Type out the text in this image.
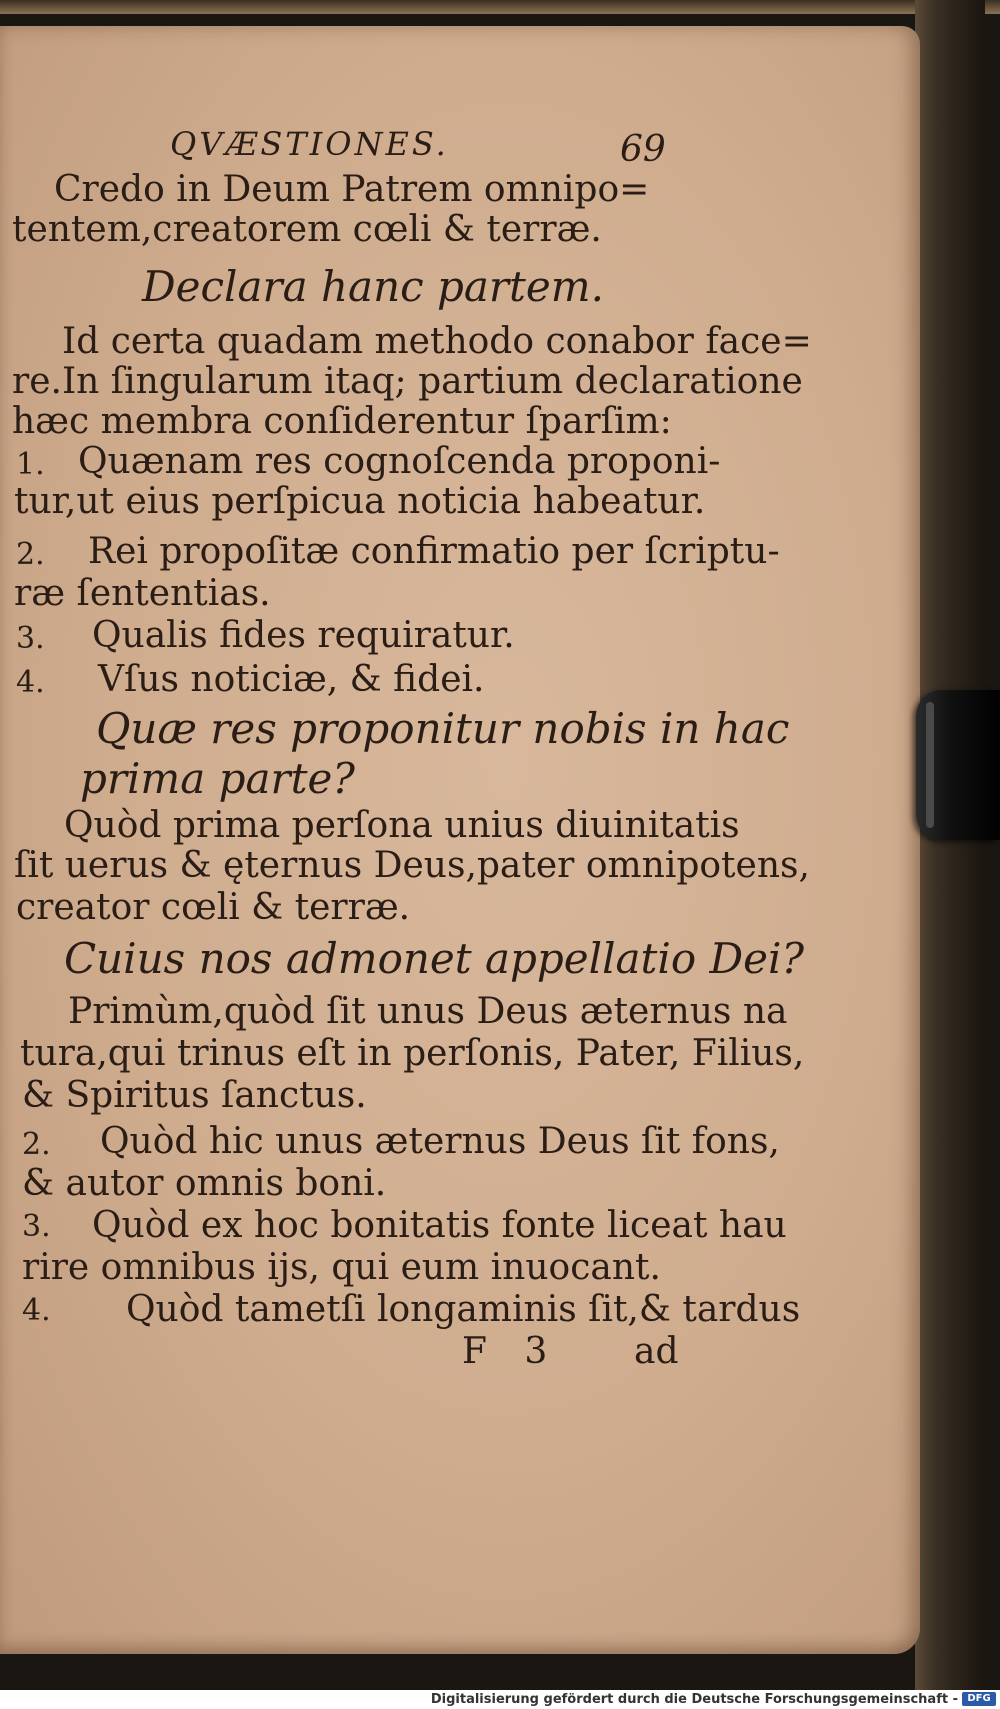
QVÆSTIONES.	69
Credo in Deum Patrem omnipo=
tentem,creatorem cœli & terræ.
Declara hanc partem.
Id certa quadam methodo conabor face=
re.In ſingularum itaq; partium declaratione
hæc membra conſiderentur ſparſim:
1. Quænam res cognoſcenda proponi-
tur,ut eius perſpicua noticia habeatur.
2. Rei propoſitæ confirmatio per ſcriptu-
ræ ſententias.
3. Qualis fides requiratur.
4. Vſus noticiæ, & fidei.
Quæ res proponitur nobis in hac
prima parte?
Quòd prima perſona unius diuinitatis
ſit uerus & ęternus Deus,pater omnipotens,
creator cœli & terræ.
Cuius nos admonet appellatio Dei?
Primùm,quòd ſit unus Deus æternus na
tura,qui trinus eſt in perſonis, Pater, Filius,
& Spiritus ſanctus.
2. Quòd hic unus æternus Deus ſit fons,
& autor omnis boni.
3. Quòd ex hoc bonitatis fonte liceat hau
rire omnibus ijs, qui eum inuocant.
4. Quòd tametſi longaminis ſit,& tardus
F 3 ad
Digitalisierung gefördert durch die Deutsche Forschungsgemeinschaft - DFG
